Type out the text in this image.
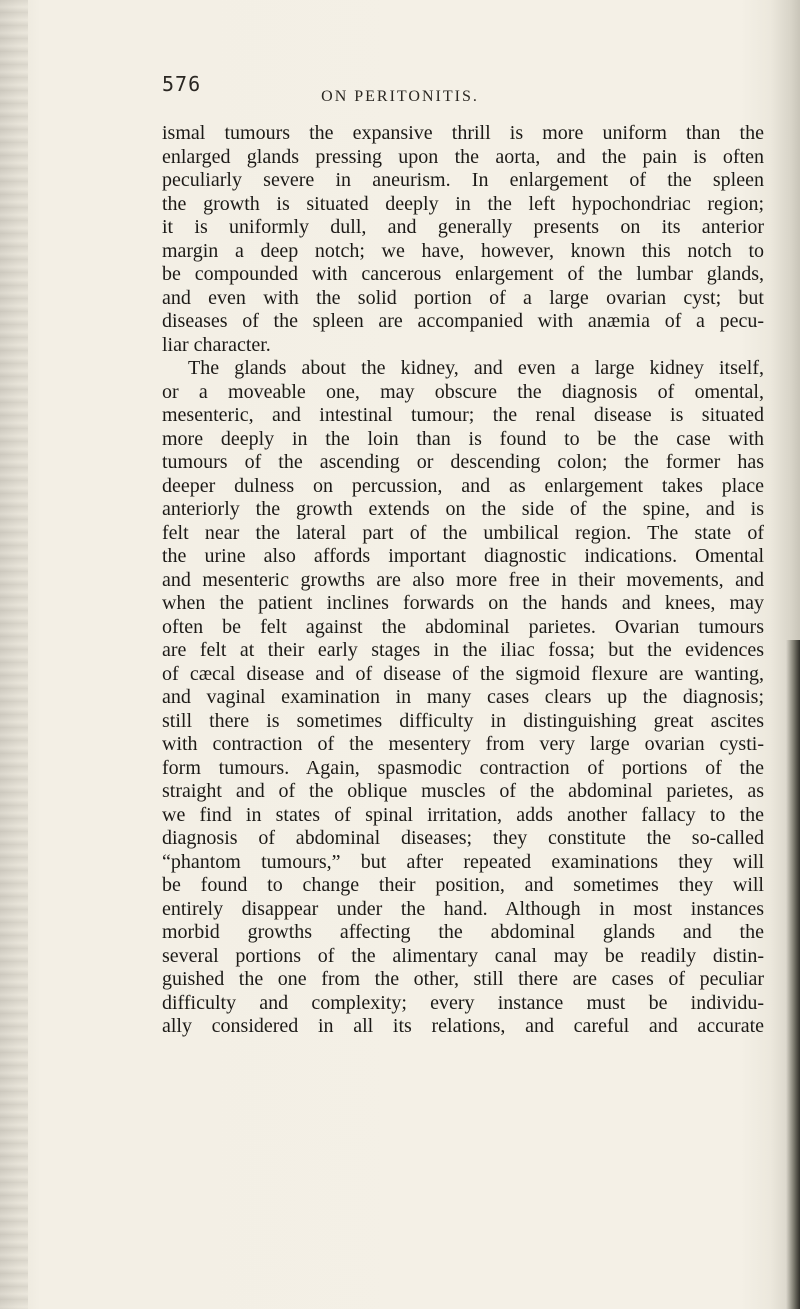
576
ON PERITONITIS.
ismal tumours the expansive thrill is more uniform than the
enlarged glands pressing upon the aorta, and the pain is often
peculiarly severe in aneurism. In enlargement of the spleen
the growth is situated deeply in the left hypochondriac region;
it is uniformly dull, and generally presents on its anterior
margin a deep notch; we have, however, known this notch to
be compounded with cancerous enlargement of the lumbar glands,
and even with the solid portion of a large ovarian cyst; but
diseases of the spleen are accompanied with anæmia of a pecu-
liar character.
The glands about the kidney, and even a large kidney itself,
or a moveable one, may obscure the diagnosis of omental,
mesenteric, and intestinal tumour; the renal disease is situated
more deeply in the loin than is found to be the case with
tumours of the ascending or descending colon; the former has
deeper dulness on percussion, and as enlargement takes place
anteriorly the growth extends on the side of the spine, and is
felt near the lateral part of the umbilical region. The state of
the urine also affords important diagnostic indications. Omental
and mesenteric growths are also more free in their movements, and
when the patient inclines forwards on the hands and knees, may
often be felt against the abdominal parietes. Ovarian tumours
are felt at their early stages in the iliac fossa; but the evidences
of cæcal disease and of disease of the sigmoid flexure are wanting,
and vaginal examination in many cases clears up the diagnosis;
still there is sometimes difficulty in distinguishing great ascites
with contraction of the mesentery from very large ovarian cysti-
form tumours. Again, spasmodic contraction of portions of the
straight and of the oblique muscles of the abdominal parietes, as
we find in states of spinal irritation, adds another fallacy to the
diagnosis of abdominal diseases; they constitute the so-called
“phantom tumours,” but after repeated examinations they will
be found to change their position, and sometimes they will
entirely disappear under the hand. Although in most instances
morbid growths affecting the abdominal glands and the
several portions of the alimentary canal may be readily distin-
guished the one from the other, still there are cases of peculiar
difficulty and complexity; every instance must be individu-
ally considered in all its relations, and careful and accurate
